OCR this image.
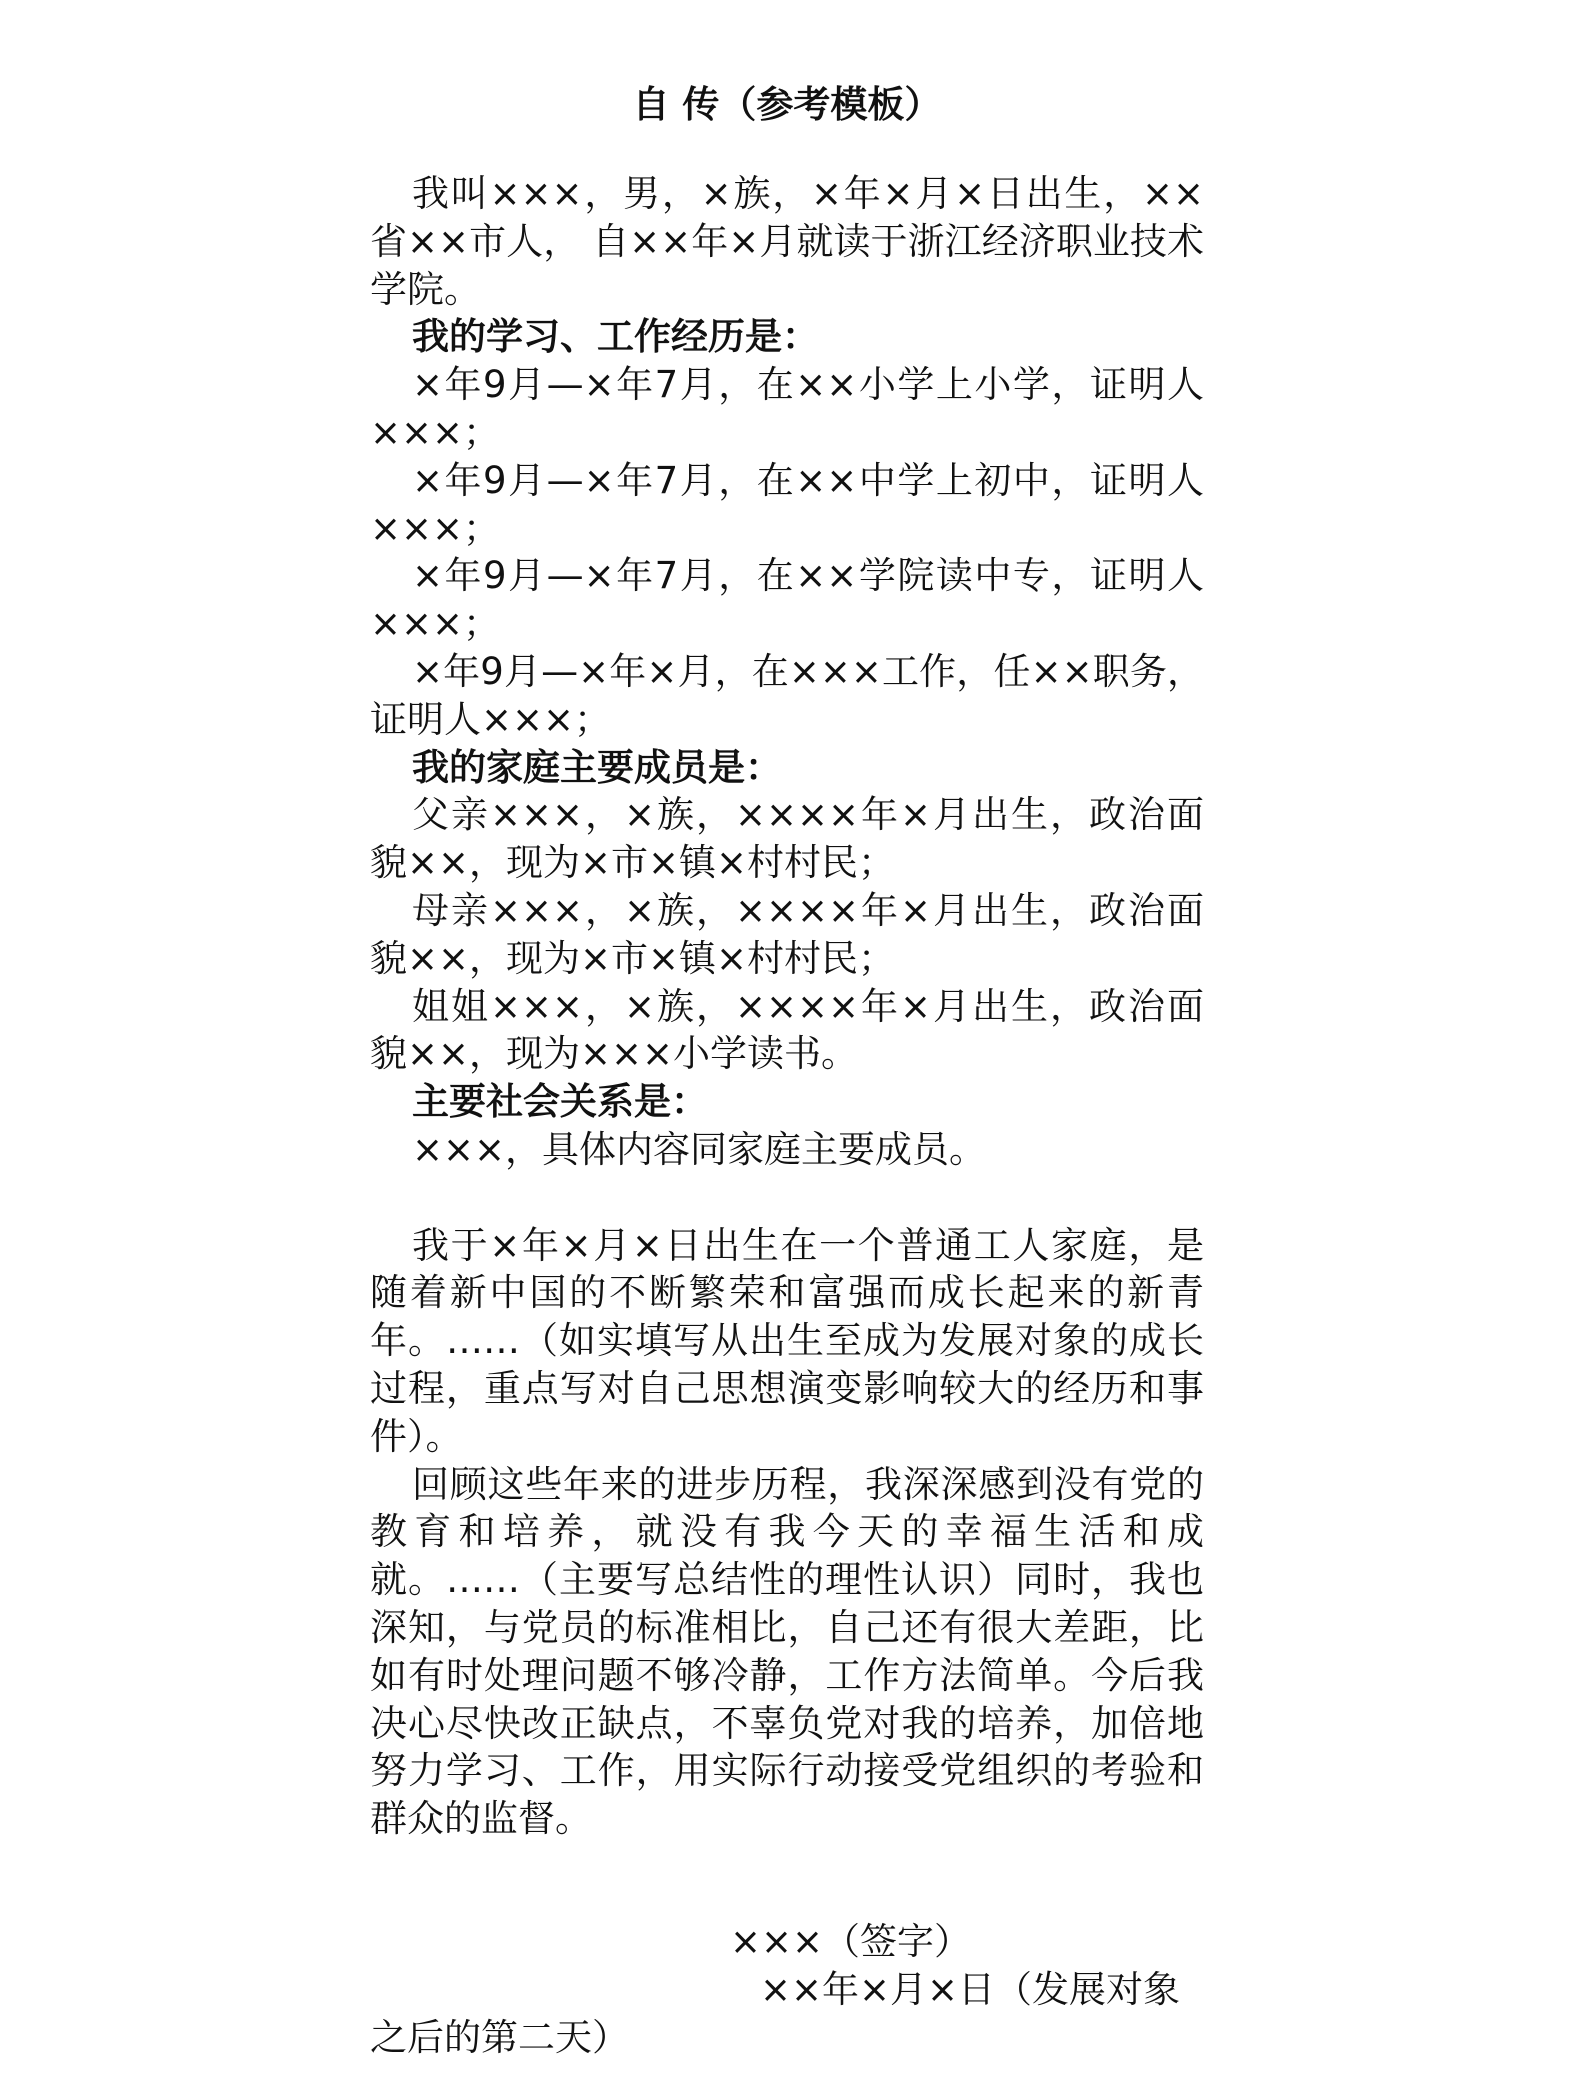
自 传（参考模板）

我叫×××，男，×族，×年×月×日出生，××省××市人， 自××年×月就读于浙江经济职业技术学院。

我的学习、工作经历是：

×年9月—×年7月，在××小学上小学，证明人×××；

×年9月—×年7月，在××中学上初中，证明人×××；

×年9月—×年7月，在××学院读中专，证明人×××；

×年9月—×年×月，在×××工作，任××职务，证明人×××；

我的家庭主要成员是：

父亲×××，×族，××××年×月出生，政治面貌××，现为×市×镇×村村民；

母亲×××，×族，××××年×月出生，政治面貌××，现为×市×镇×村村民；

姐姐×××，×族，××××年×月出生，政治面貌××，现为×××小学读书。

主要社会关系是：

×××，具体内容同家庭主要成员。

我于×年×月×日出生在一个普通工人家庭，是随着新中国的不断繁荣和富强而成长起来的新青年。……（如实填写从出生至成为发展对象的成长过程，重点写对自己思想演变影响较大的经历和事件）。

回顾这些年来的进步历程，我深深感到没有党的教育和培养，就没有我今天的幸福生活和成就。……（主要写总结性的理性认识）同时，我也深知，与党员的标准相比，自己还有很大差距，比如有时处理问题不够冷静，工作方法简单。今后我决心尽快改正缺点，不辜负党对我的培养，加倍地努力学习、工作，用实际行动接受党组织的考验和群众的监督。

×××（签字）
××年×月×日（发展对象之后的第二天）
